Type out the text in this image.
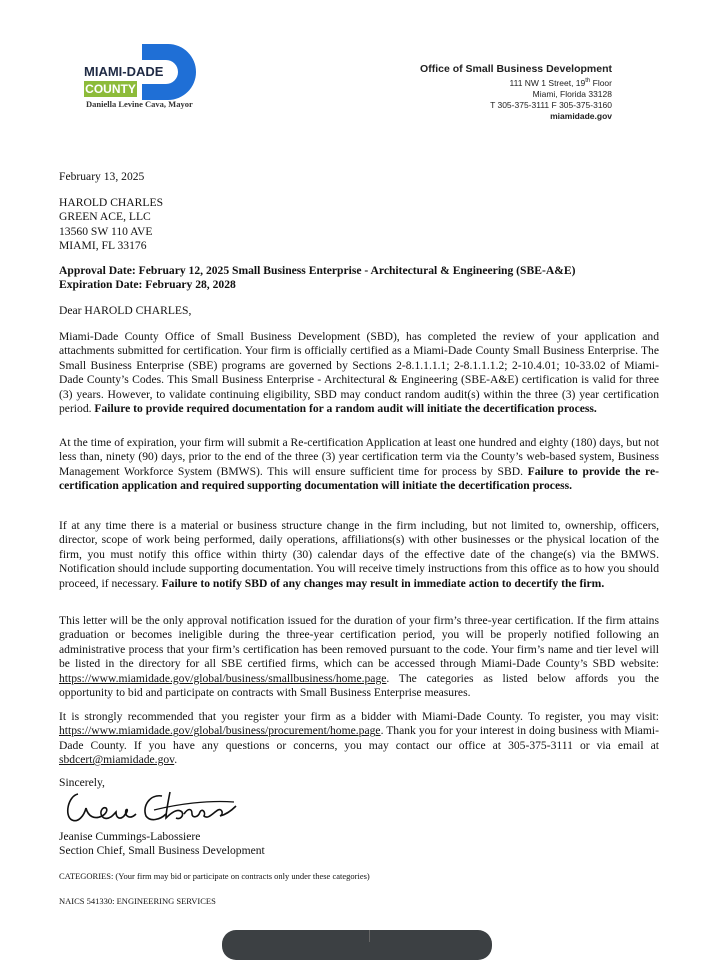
MIAMI-DADE
COUNTY
Daniella Levine Cava, Mayor
Office of Small Business Development
111 NW 1 Street, 19th Floor
Miami, Florida 33128
T 305-375-3111 F 305-375-3160
miamidade.gov
February 13, 2025
HAROLD CHARLES
GREEN ACE, LLC
13560 SW 110 AVE
MIAMI, FL 33176
Approval Date: February 12, 2025 Small Business Enterprise - Architectural & Engineering (SBE-A&E)
Expiration Date: February 28, 2028
Dear HAROLD CHARLES,
Miami-Dade County Office of Small Business Development (SBD), has completed the review of your application and attachments submitted for certification. Your firm is officially certified as a Miami-Dade County Small Business Enterprise. The Small Business Enterprise (SBE) programs are governed by Sections 2-8.1.1.1.1; 2-8.1.1.1.2; 2-10.4.01; 10-33.02 of Miami-Dade County’s Codes. This Small Business Enterprise - Architectural & Engineering (SBE-A&E) certification is valid for three (3) years. However, to validate continuing eligibility, SBD may conduct random audit(s) within the three (3) year certification period. Failure to provide required documentation for a random audit will initiate the decertification process.
At the time of expiration, your firm will submit a Re-certification Application at least one hundred and eighty (180) days, but not less than, ninety (90) days, prior to the end of the three (3) year certification term via the County’s web-based system, Business Management Workforce System (BMWS). This will ensure sufficient time for process by SBD. Failure to provide the re-certification application and required supporting documentation will initiate the decertification process.
If at any time there is a material or business structure change in the firm including, but not limited to, ownership, officers, director, scope of work being performed, daily operations, affiliations(s) with other businesses or the physical location of the firm, you must notify this office within thirty (30) calendar days of the effective date of the change(s) via the BMWS. Notification should include supporting documentation. You will receive timely instructions from this office as to how you should proceed, if necessary. Failure to notify SBD of any changes may result in immediate action to decertify the firm.
This letter will be the only approval notification issued for the duration of your firm’s three-year certification. If the firm attains graduation or becomes ineligible during the three-year certification period, you will be properly notified following an administrative process that your firm’s certification has been removed pursuant to the code. Your firm’s name and tier level will be listed in the directory for all SBE certified firms, which can be accessed through Miami-Dade County’s SBD website: https://www.miamidade.gov/global/business/smallbusiness/home.page. The categories as listed below affords you the opportunity to bid and participate on contracts with Small Business Enterprise measures.
It is strongly recommended that you register your firm as a bidder with Miami-Dade County. To register, you may visit: https://www.miamidade.gov/global/business/procurement/home.page. Thank you for your interest in doing business with Miami-Dade County. If you have any questions or concerns, you may contact our office at 305-375-3111 or via email at sbdcert@miamidade.gov.
Sincerely,
Jeanise Cummings-Labossiere
Section Chief, Small Business Development
CATEGORIES: (Your firm may bid or participate on contracts only under these categories)
NAICS 541330: ENGINEERING SERVICES
